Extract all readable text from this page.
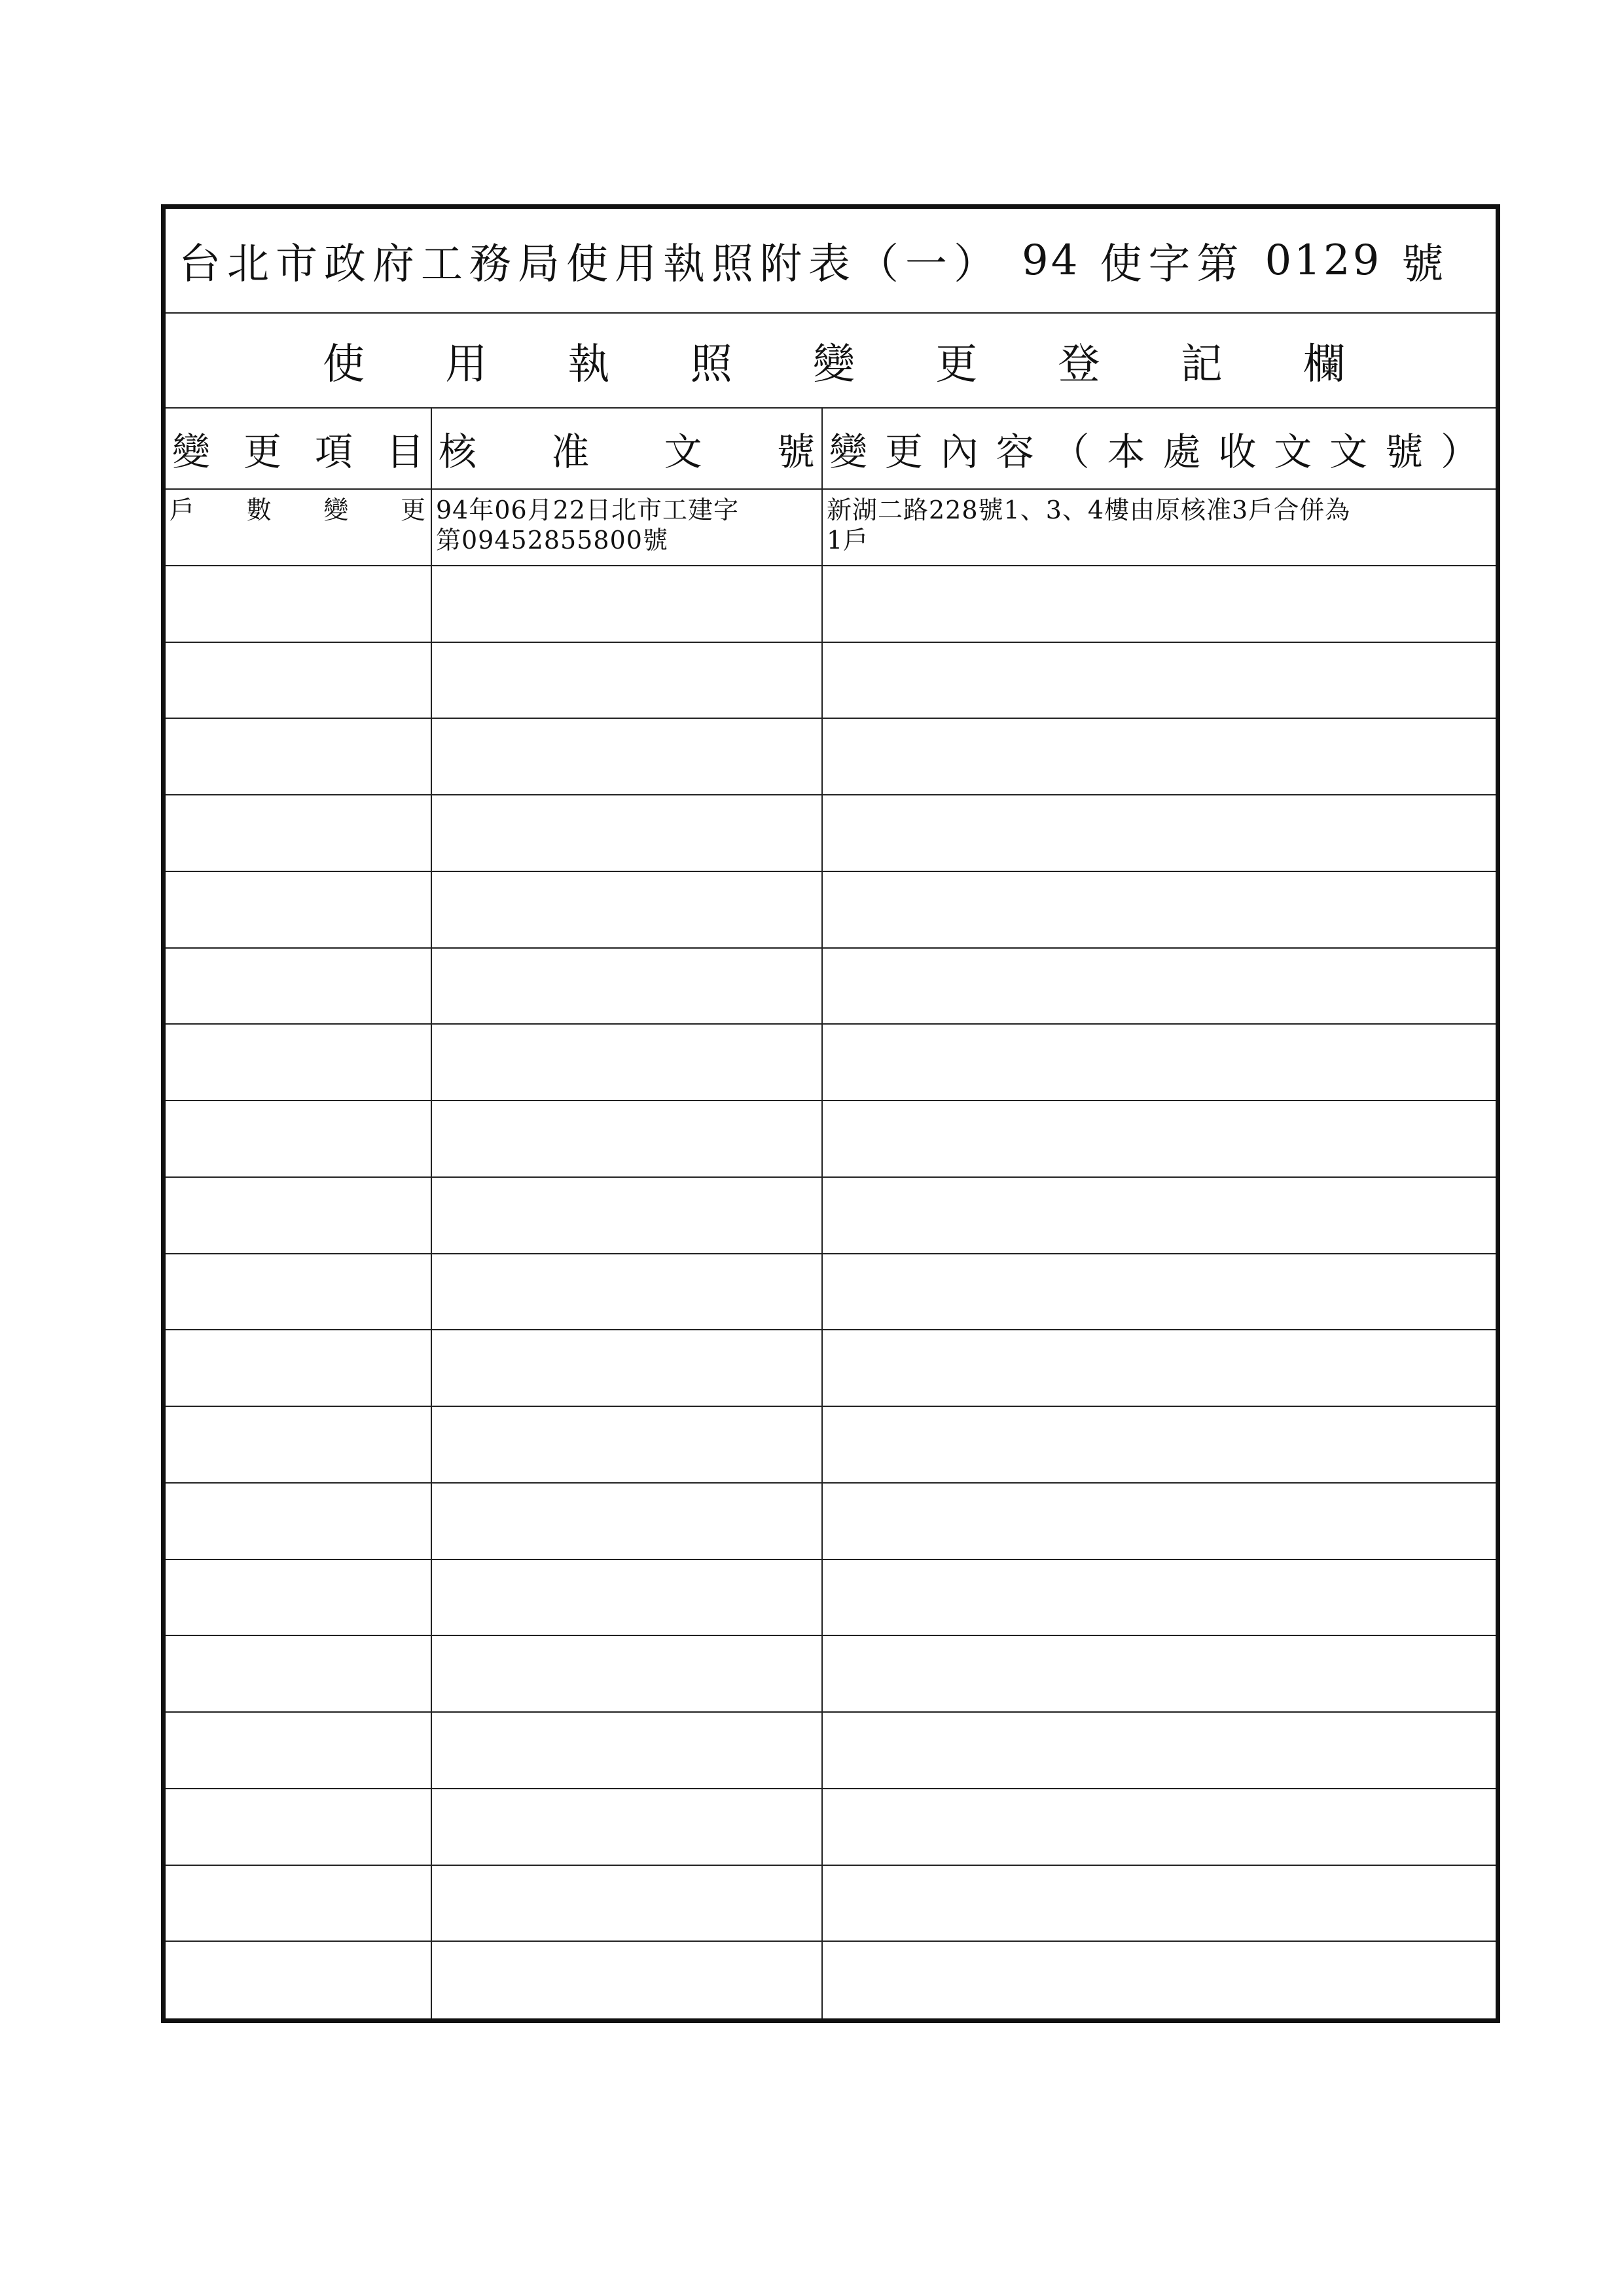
台北市政府工務局使用執照附表（一） 94 使字第 0129 號
使 用 執 照 變 更 登 記 欄
變 更 項 目 核 准 文 號 變 更 內 容 （ 本 處 收 文 文 號 ）
戶 數 變 更 94年06月22日北市工建字
第09452855800號
新湖二路228號1、3、4樓由原核准3戶合併為
1戶
